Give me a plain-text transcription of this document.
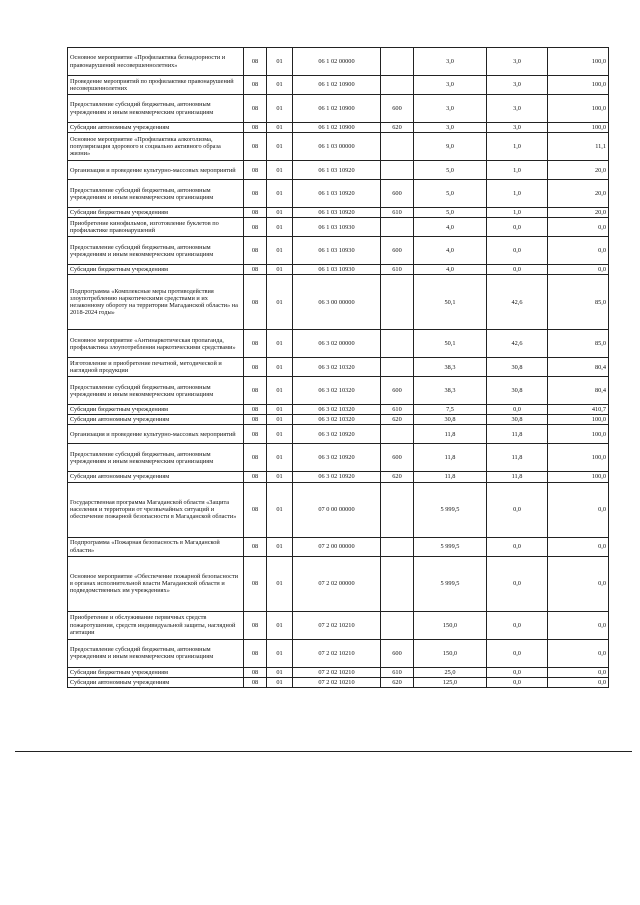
Основное мероприятие «Профилактика безнадзорности и правонарушений несовершеннолетних»	08	01	06 1 02 00000		3,0	3,0	100,0
Проведение мероприятий по профилактике правонарушений несовершеннолетних	08	01	06 1 02 10900		3,0	3,0	100,0
Предоставление субсидий бюджетным, автономным учреждениям и иным некоммерческим организациям	08	01	06 1 02 10900	600	3,0	3,0	100,0
Субсидии автономным учреждениям	08	01	06 1 02 10900	620	3,0	3,0	100,0
Основное мероприятие «Профилактика алкоголизма, популяризация здорового и социально активного образа жизни»	08	01	06 1 03 00000		9,0	1,0	11,1
Организация и проведение культурно-массовых мероприятий	08	01	06 1 03 10920		5,0	1,0	20,0
Предоставление субсидий бюджетным, автономным учреждениям и иным некоммерческим организациям	08	01	06 1 03 10920	600	5,0	1,0	20,0
Субсидии бюджетным учреждениям	08	01	06 1 03 10920	610	5,0	1,0	20,0
Приобретение кинофильмов, изготовление буклетов по профилактике правонарушений	08	01	06 1 03 10930		4,0	0,0	0,0
Предоставление субсидий бюджетным, автономным учреждениям и иным некоммерческим организациям	08	01	06 1 03 10930	600	4,0	0,0	0,0
Субсидии бюджетным учреждениям	08	01	06 1 03 10930	610	4,0	0,0	0,0
Подпрограмма «Комплексные меры противодействия злоупотреблению наркотическими средствами и их незаконному обороту на территории Магаданской области» на 2018-2024 годы»	08	01	06 3 00 00000		50,1	42,6	85,0
Основное мероприятие «Антинаркотическая пропаганда, профилактика злоупотребления наркотическими средствами»	08	01	06 3 02 00000		50,1	42,6	85,0
Изготовление и приобретение печатной, методической и наглядной продукции	08	01	06 3 02 10320		38,3	30,8	80,4
Предоставление субсидий бюджетным, автономным учреждениям и иным некоммерческим организациям	08	01	06 3 02 10320	600	38,3	30,8	80,4
Субсидии бюджетным учреждениям	08	01	06 3 02 10320	610	7,5	0,0	410,7
Субсидии автономным учреждениям	08	01	06 3 02 10320	620	30,8	30,8	100,0
Организация и проведение культурно-массовых мероприятий	08	01	06 3 02 10920		11,8	11,8	100,0
Предоставление субсидий бюджетным, автономным учреждениям и иным некоммерческим организациям	08	01	06 3 02 10920	600	11,8	11,8	100,0
Субсидии автономным учреждениям	08	01	06 3 02 10920	620	11,8	11,8	100,0
Государственная программа Магаданской области «Защита населения и территории от чрезвычайных ситуаций и обеспечение пожарной безопасности в Магаданской области»	08	01	07 0 00 00000		5 999,5	0,0	0,0
Подпрограмма «Пожарная безопасность в Магаданской области»	08	01	07 2 00 00000		5 999,5	0,0	0,0
Основное мероприятие «Обеспечение пожарной безопасности в органах исполнительной власти Магаданской области и подведомственных им учреждениях»	08	01	07 2 02 00000		5 999,5	0,0	0,0
Приобретение и обслуживание первичных средств пожаротушения, средств индивидуальной защиты, наглядной агитации	08	01	07 2 02 10210		150,0	0,0	0,0
Предоставление субсидий бюджетным, автономным учреждениям и иным некоммерческим организациям	08	01	07 2 02 10210	600	150,0	0,0	0,0
Субсидии бюджетным учреждениям	08	01	07 2 02 10210	610	25,0	0,0	0,0
Субсидии автономным учреждениям	08	01	07 2 02 10210	620	125,0	0,0	0,0
